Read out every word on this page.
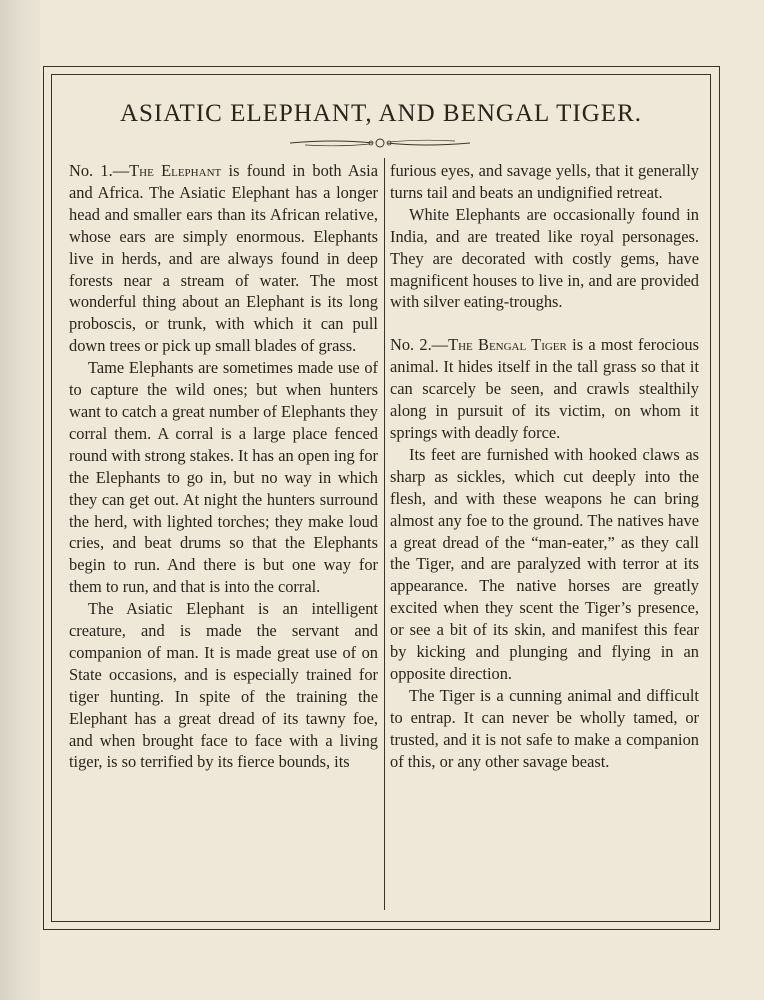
ASIATIC ELEPHANT, AND BENGAL TIGER.

No. 1.—The Elephant is found in both Asia and Africa. The Asiatic Elephant has a longer head and smaller ears than its African relative, whose ears are simply enormous. Elephants live in herds, and are always found in deep forests near a stream of water. The most wonderful thing about an Elephant is its long proboscis, or trunk, with which it can pull down trees or pick up small blades of grass.

Tame Elephants are sometimes made use of to capture the wild ones; but when hunters want to catch a great number of Elephants they corral them. A corral is a large place fenced round with strong stakes. It has an open ing for the Elephants to go in, but no way in which they can get out. At night the hunters surround the herd, with lighted torches; they make loud cries, and beat drums so that the Elephants begin to run. And there is but one way for them to run, and that is into the corral.

The Asiatic Elephant is an intelligent creature, and is made the servant and companion of man. It is made great use of on State occasions, and is especially trained for tiger hunting. In spite of the training the Elephant has a great dread of its tawny foe, and when brought face to face with a living tiger, is so terrified by its fierce bounds, its

furious eyes, and savage yells, that it generally turns tail and beats an undignified retreat.

White Elephants are occasionally found in India, and are treated like royal personages. They are decorated with costly gems, have magnificent houses to live in, and are provided with silver eating-troughs.

No. 2.—The Bengal Tiger is a most ferocious animal. It hides itself in the tall grass so that it can scarcely be seen, and crawls stealthily along in pursuit of its victim, on whom it springs with deadly force.

Its feet are furnished with hooked claws as sharp as sickles, which cut deeply into the flesh, and with these weapons he can bring almost any foe to the ground. The natives have a great dread of the “man-eater,” as they call the Tiger, and are paralyzed with terror at its appearance. The native horses are greatly excited when they scent the Tiger’s presence, or see a bit of its skin, and manifest this fear by kicking and plunging and flying in an opposite direction.

The Tiger is a cunning animal and difficult to entrap. It can never be wholly tamed, or trusted, and it is not safe to make a companion of this, or any other savage beast.
